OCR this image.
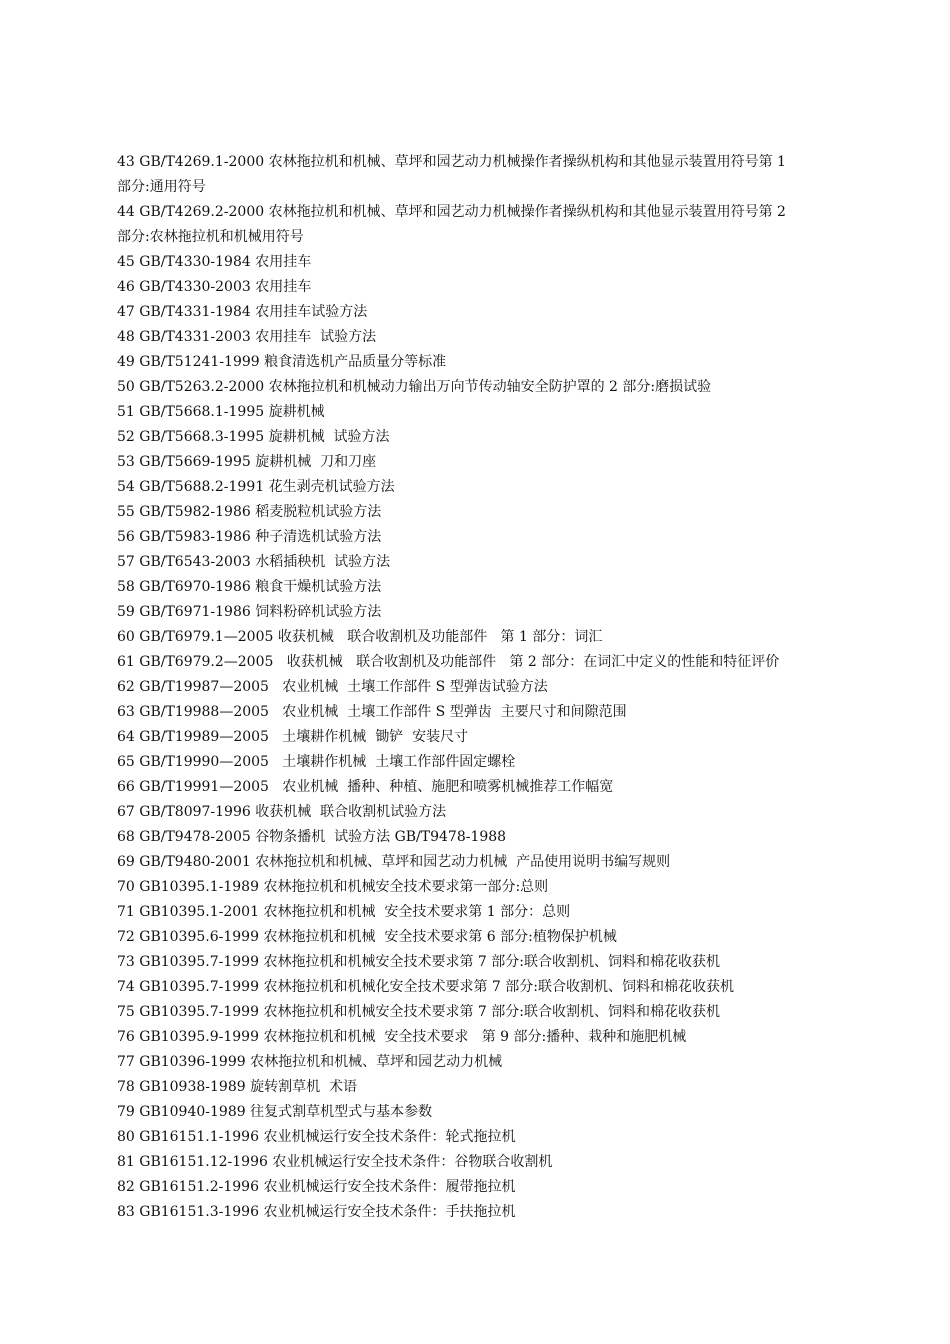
43 GB/T4269.1-2000 农林拖拉机和机械、草坪和园艺动力机械操作者操纵机构和其他显示装置用符号第 1
部分:通用符号
44 GB/T4269.2-2000 农林拖拉机和机械、草坪和园艺动力机械操作者操纵机构和其他显示装置用符号第 2
部分:农林拖拉机和机械用符号
45 GB/T4330-1984 农用挂车
46 GB/T4330-2003 农用挂车
47 GB/T4331-1984 农用挂车试验方法
48 GB/T4331-2003 农用挂车  试验方法
49 GB/T51241-1999 粮食清选机产品质量分等标准
50 GB/T5263.2-2000 农林拖拉机和机械动力输出万向节传动轴安全防护罩的 2 部分:磨损试验
51 GB/T5668.1-1995 旋耕机械
52 GB/T5668.3-1995 旋耕机械  试验方法
53 GB/T5669-1995 旋耕机械  刀和刀座
54 GB/T5688.2-1991 花生剥壳机试验方法
55 GB/T5982-1986 稻麦脱粒机试验方法
56 GB/T5983-1986 种子清选机试验方法
57 GB/T6543-2003 水稻插秧机  试验方法
58 GB/T6970-1986 粮食干燥机试验方法
59 GB/T6971-1986 饲料粉碎机试验方法
60 GB/T6979.1—2005 收获机械   联合收割机及功能部件   第 1 部分：词汇
61 GB/T6979.2—2005   收获机械   联合收割机及功能部件   第 2 部分：在词汇中定义的性能和特征评价
62 GB/T19987—2005   农业机械  土壤工作部件 S 型弹齿试验方法
63 GB/T19988—2005   农业机械  土壤工作部件 S 型弹齿  主要尺寸和间隙范围
64 GB/T19989—2005   土壤耕作机械  锄铲  安装尺寸
65 GB/T19990—2005   土壤耕作机械  土壤工作部件固定螺栓
66 GB/T19991—2005   农业机械  播种、种植、施肥和喷雾机械推荐工作幅宽
67 GB/T8097-1996 收获机械  联合收割机试验方法
68 GB/T9478-2005 谷物条播机  试验方法 GB/T9478-1988
69 GB/T9480-2001 农林拖拉机和机械、草坪和园艺动力机械  产品使用说明书编写规则
70 GB10395.1-1989 农林拖拉机和机械安全技术要求第一部分:总则
71 GB10395.1-2001 农林拖拉机和机械  安全技术要求第 1 部分：总则
72 GB10395.6-1999 农林拖拉机和机械  安全技术要求第 6 部分:植物保护机械
73 GB10395.7-1999 农林拖拉机和机械安全技术要求第 7 部分:联合收割机、饲料和棉花收获机
74 GB10395.7-1999 农林拖拉机和机械化安全技术要求第 7 部分:联合收割机、饲料和棉花收获机
75 GB10395.7-1999 农林拖拉机和机械安全技术要求第 7 部分:联合收割机、饲料和棉花收获机
76 GB10395.9-1999 农林拖拉机和机械  安全技术要求   第 9 部分:播种、栽种和施肥机械
77 GB10396-1999 农林拖拉机和机械、草坪和园艺动力机械
78 GB10938-1989 旋转割草机  术语
79 GB10940-1989 往复式割草机型式与基本参数
80 GB16151.1-1996 农业机械运行安全技术条件：轮式拖拉机
81 GB16151.12-1996 农业机械运行安全技术条件：谷物联合收割机
82 GB16151.2-1996 农业机械运行安全技术条件：履带拖拉机
83 GB16151.3-1996 农业机械运行安全技术条件：手扶拖拉机
